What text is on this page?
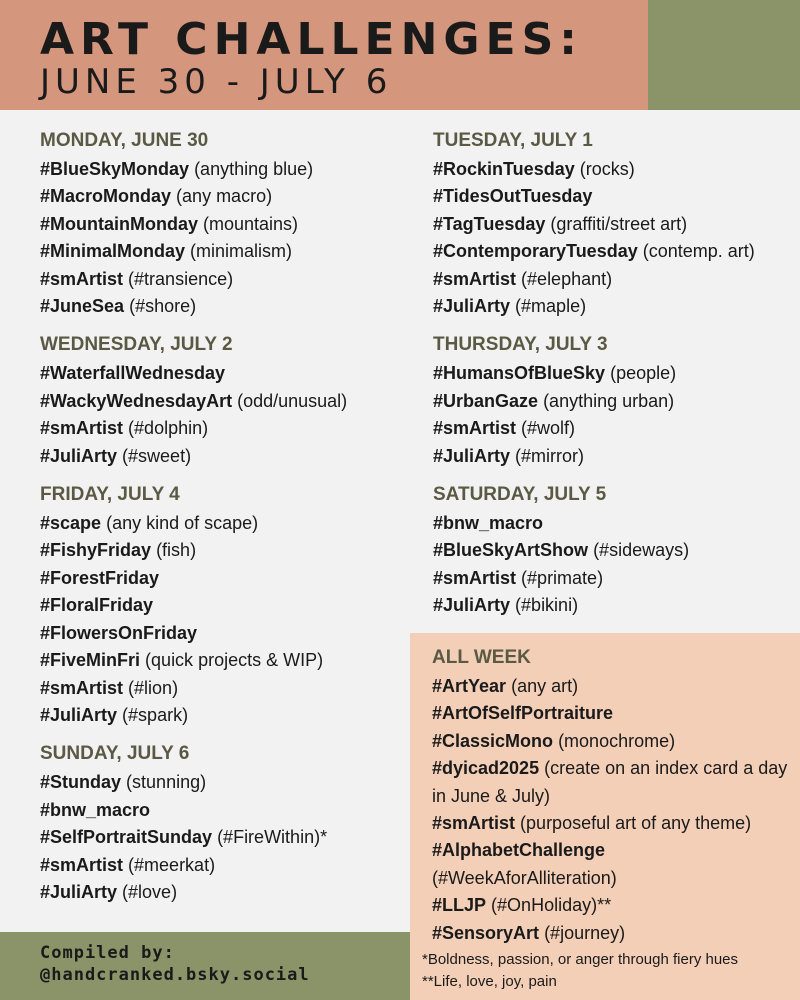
ART CHALLENGES:
JUNE 30 - JULY 6
MONDAY, JUNE 30
#BlueSkyMonday (anything blue)
#MacroMonday (any macro)
#MountainMonday (mountains)
#MinimalMonday (minimalism)
#smArtist (#transience)
#JuneSea (#shore)
WEDNESDAY, JULY 2
#WaterfallWednesday
#WackyWednesdayArt (odd/unusual)
#smArtist (#dolphin)
#JuliArty (#sweet)
FRIDAY, JULY 4
#scape (any kind of scape)
#FishyFriday (fish)
#ForestFriday
#FloralFriday
#FlowersOnFriday
#FiveMinFri (quick projects & WIP)
#smArtist (#lion)
#JuliArty (#spark)
SUNDAY, JULY 6
#Stunday (stunning)
#bnw_macro
#SelfPortraitSunday (#FireWithin)*
#smArtist (#meerkat)
#JuliArty (#love)
TUESDAY, JULY 1
#RockinTuesday (rocks)
#TidesOutTuesday
#TagTuesday (graffiti/street art)
#ContemporaryTuesday (contemp. art)
#smArtist (#elephant)
#JuliArty (#maple)
THURSDAY, JULY 3
#HumansOfBlueSky (people)
#UrbanGaze (anything urban)
#smArtist (#wolf)
#JuliArty (#mirror)
SATURDAY, JULY 5
#bnw_macro
#BlueSkyArtShow (#sideways)
#smArtist (#primate)
#JuliArty (#bikini)
ALL WEEK
#ArtYear (any art)
#ArtOfSelfPortraiture
#ClassicMono (monochrome)
#dyicad2025 (create on an index card a day in June & July)
#smArtist (purposeful art of any theme)
#AlphabetChallenge (#WeekAforAlliteration)
#LLJP (#OnHoliday)**
#SensoryArt (#journey)
*Boldness, passion, or anger through fiery hues
**Life, love, joy, pain
Compiled by:
@handcranked.bsky.social
